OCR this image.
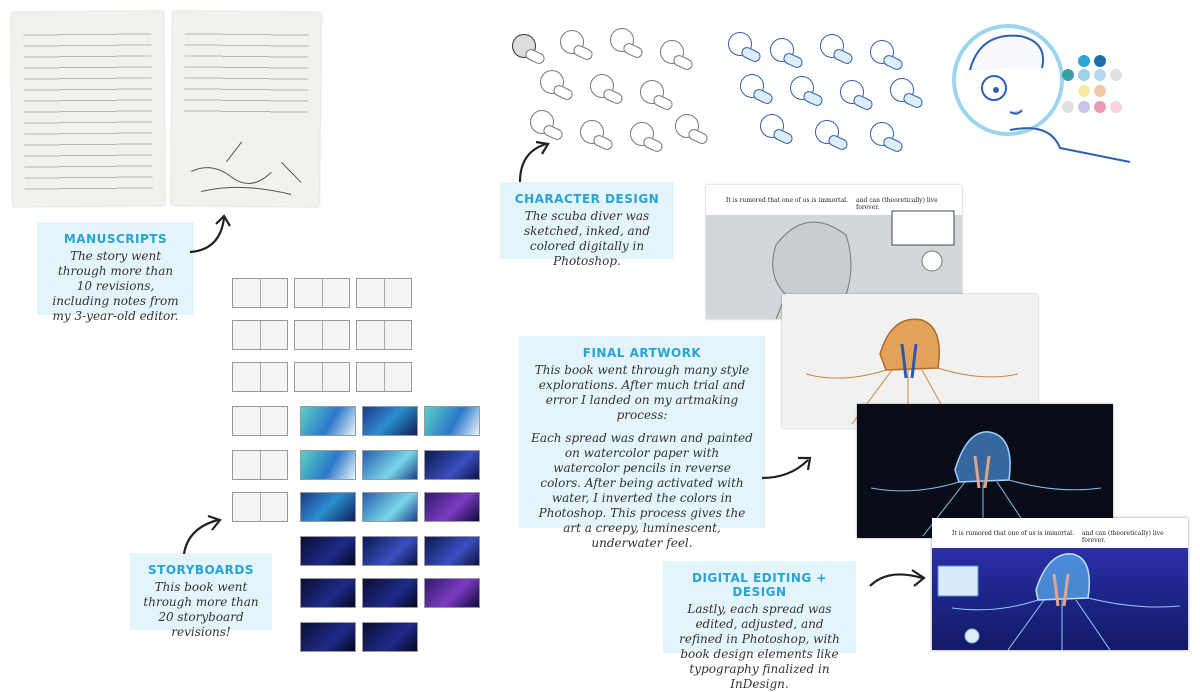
MANUSCRIPTS
The story went through more than 10 revisions, including notes from my 3-year-old editor.
STORYBOARDS
This book went through more than 20 storyboard revisions!
CHARACTER DESIGN
The scuba diver was sketched, inked, and colored digitally in Photoshop.
It is rumored that one of us is immortal. and can (theoretically) live forever.
FINAL ARTWORK

This book went through many style explorations. After much trial and error I landed on my artmaking process:

Each spread was drawn and painted on watercolor paper with watercolor pencils in reverse colors. After being activated with water, I inverted the colors in Photoshop. This process gives the art a creepy, luminescent, underwater feel.

It is rumored that one of us is immortal. and can (theoretically) live forever.
DIGITAL EDITING + DESIGN
Lastly, each spread was edited, adjusted, and refined in Photoshop, with book design elements like typography finalized in InDesign.
